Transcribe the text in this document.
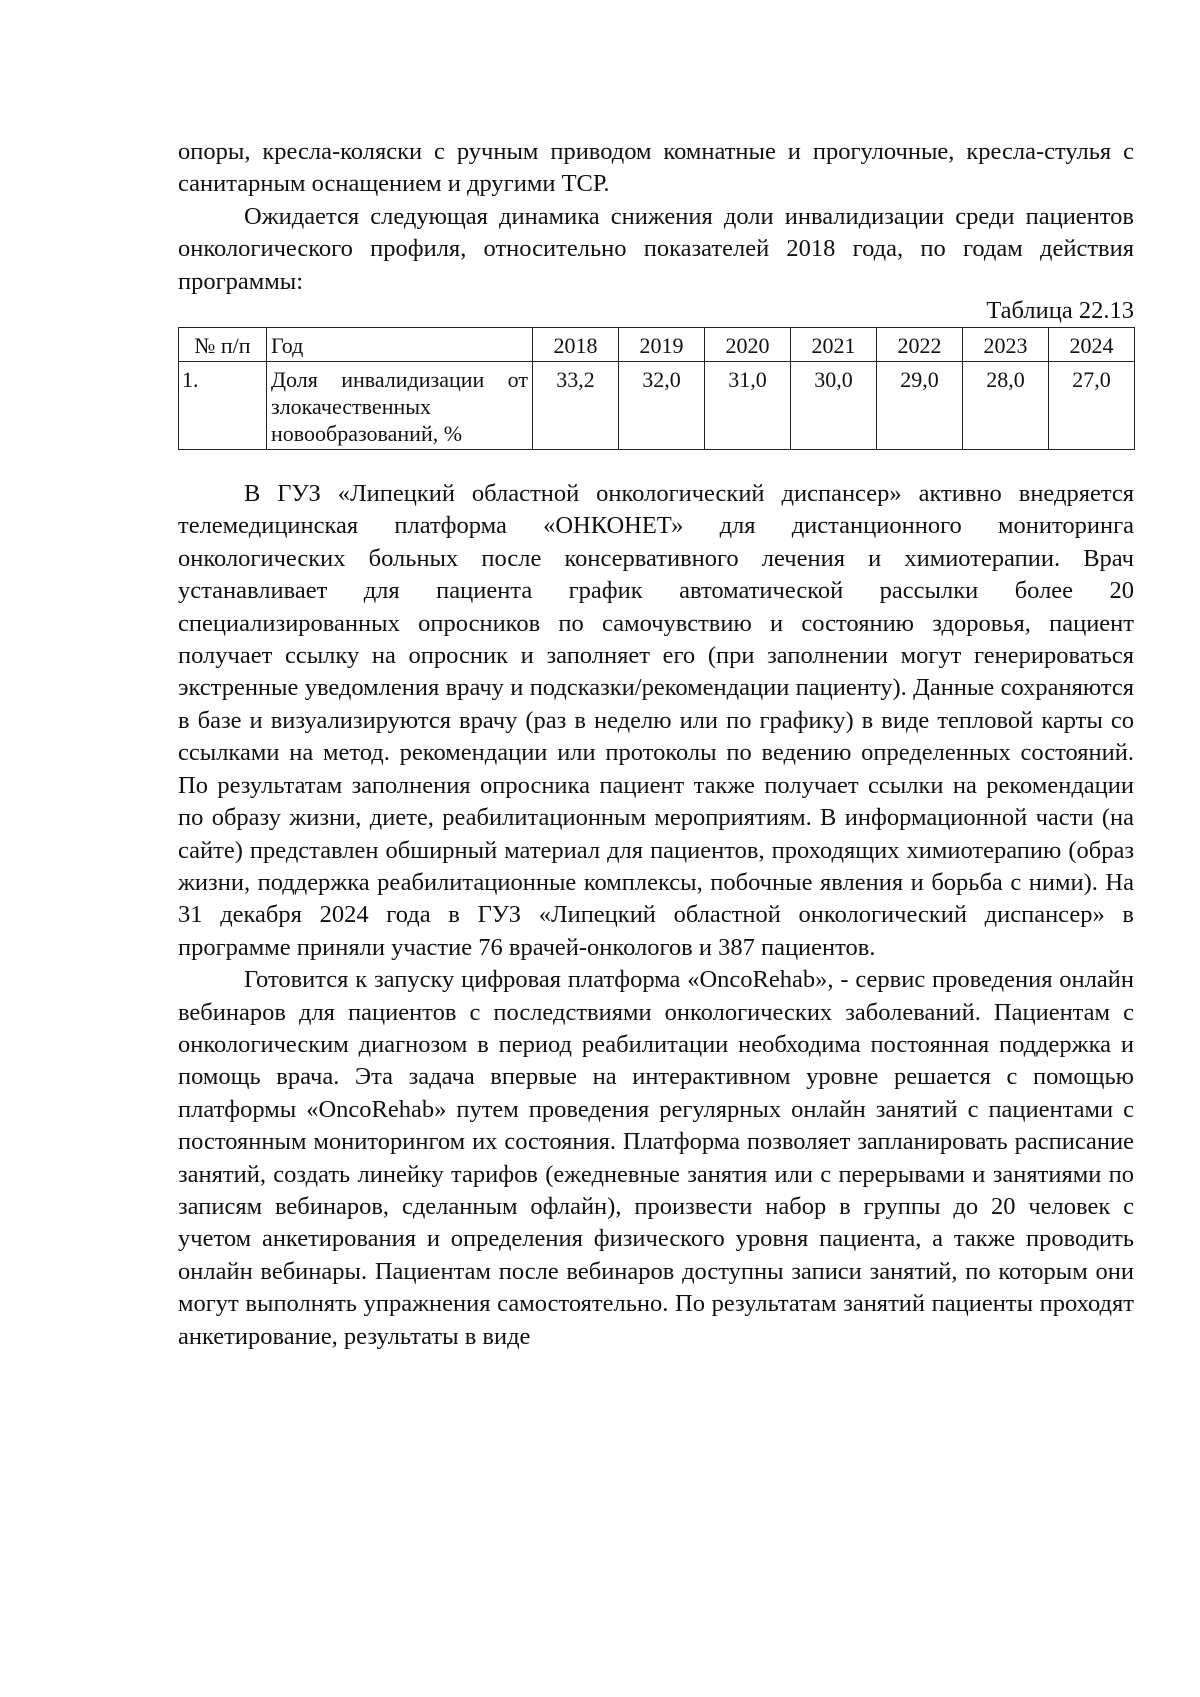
опоры, кресла-коляски с ручным приводом комнатные и прогулочные, кресла-стулья с санитарным оснащением и другими ТСР.

Ожидается следующая динамика снижения доли инвалидизации среди пациентов онкологического профиля, относительно показателей 2018 года, по годам действия программы:

Таблица 22.13
№ п/п	Год	2018	2019	2020	2021	2022	2023	2024
1.	Доля инвалидизации от злокачественных новообразований, %	33,2	32,0	31,0	30,0	29,0	28,0	27,0

В ГУЗ «Липецкий областной онкологический диспансер» активно внедряется телемедицинская платформа «ОНКОНЕТ» для дистанционного мониторинга онкологических больных после консервативного лечения и химиотерапии. Врач устанавливает для пациента график автоматической рассылки более 20 специализированных опросников по самочувствию и состоянию здоровья, пациент получает ссылку на опросник и заполняет его (при заполнении могут генерироваться экстренные уведомления врачу и подсказки/рекомендации пациенту). Данные сохраняются в базе и визуализируются врачу (раз в неделю или по графику) в виде тепловой карты со ссылками на метод. рекомендации или протоколы по ведению определенных состояний. По результатам заполнения опросника пациент также получает ссылки на рекомендации по образу жизни, диете, реабилитационным мероприятиям. В информационной части (на сайте) представлен обширный материал для пациентов, проходящих химиотерапию (образ жизни, поддержка реабилитационные комплексы, побочные явления и борьба с ними). На 31 декабря 2024 года в ГУЗ «Липецкий областной онкологический диспансер» в программе приняли участие 76 врачей-онкологов и 387 пациентов.

Готовится к запуску цифровая платформа «OncoRehab», - сервис проведения онлайн вебинаров для пациентов с последствиями онкологических заболеваний. Пациентам с онкологическим диагнозом в период реабилитации необходима постоянная поддержка и помощь врача. Эта задача впервые на интерактивном уровне решается с помощью платформы «OncoRehab» путем проведения регулярных онлайн занятий с пациентами с постоянным мониторингом их состояния. Платформа позволяет запланировать расписание занятий, создать линейку тарифов (ежедневные занятия или с перерывами и занятиями по записям вебинаров, сделанным офлайн), произвести набор в группы до 20 человек с учетом анкетирования и определения физического уровня пациента, а также проводить онлайн вебинары. Пациентам после вебинаров доступны записи занятий, по которым они могут выполнять упражнения самостоятельно. По результатам занятий пациенты проходят анкетирование, результаты в виде
